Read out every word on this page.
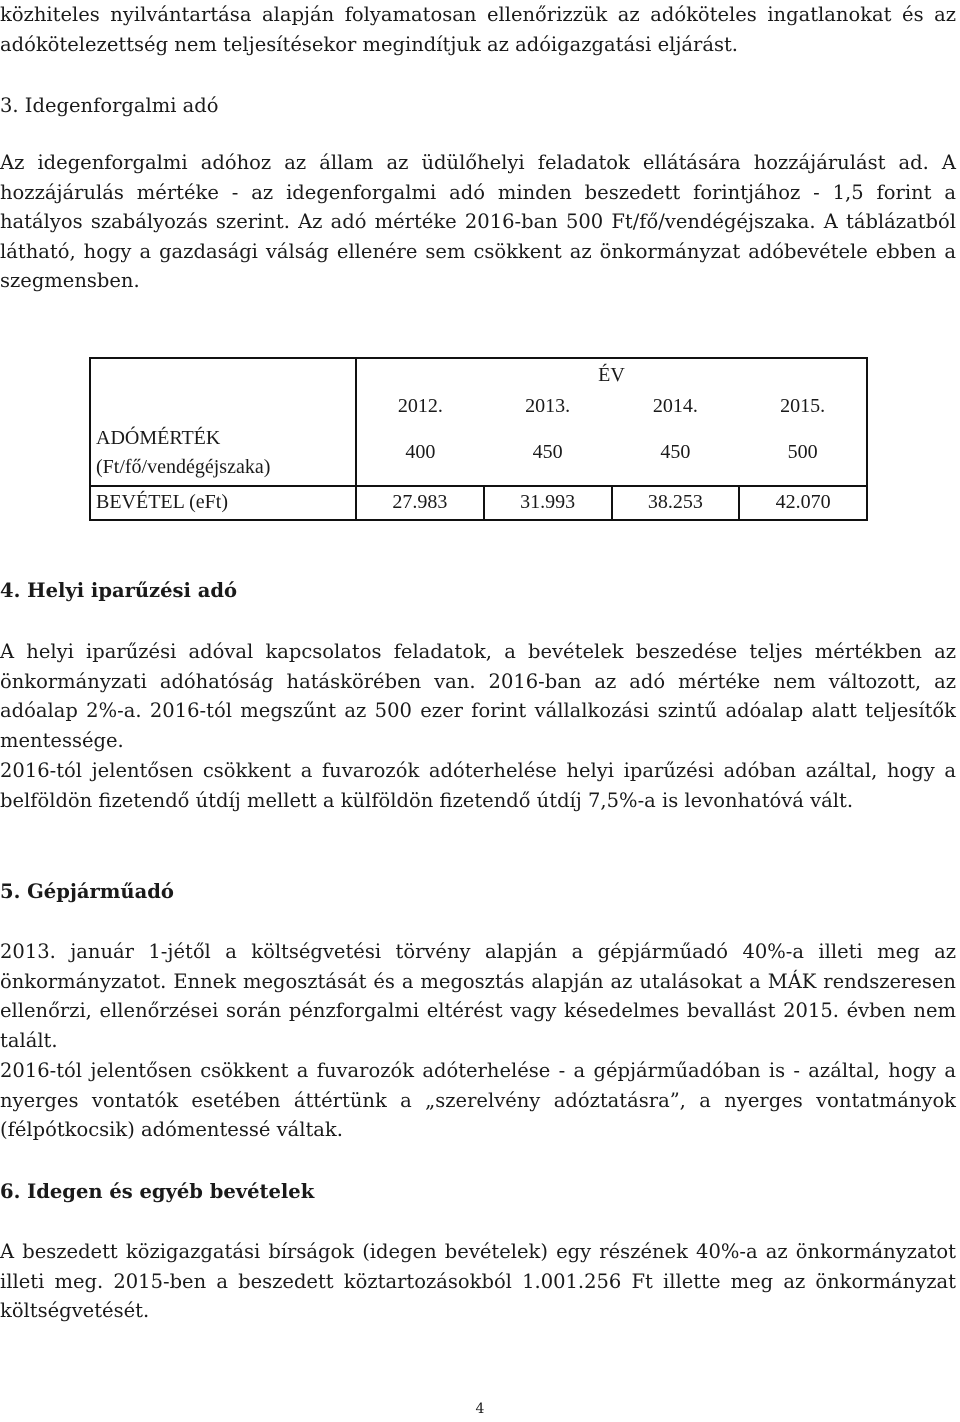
közhiteles nyilvántartása alapján folyamatosan ellenőrizzük az adóköteles ingatlanokat és az adókötelezettség nem teljesítésekor megindítjuk az adóigazgatási eljárást.

3. Idegenforgalmi adó

Az idegenforgalmi adóhoz az állam az üdülőhelyi feladatok ellátására hozzájárulást ad. A hozzájárulás mértéke - az idegenforgalmi adó minden beszedett forintjához - 1,5 forint a hatályos szabályozás szerint. Az adó mértéke 2016-ban 500 Ft/fő/vendégéjszaka. A táblázatból látható, hogy a gazdasági válság ellenére sem csökkent az önkormányzat adóbevétele ebben a szegmensben.

	ÉV			
	2012.	2013.	2014.	2015.
ADÓMÉRTÉK
(Ft/fő/vendégéjszaka)	400	450	450	500
BEVÉTEL (eFt)	27.983	31.993	38.253	42.070

4. Helyi iparűzési adó

A helyi iparűzési adóval kapcsolatos feladatok, a bevételek beszedése teljes mértékben az önkormányzati adóhatóság hatáskörében van. 2016-ban az adó mértéke nem változott, az adóalap 2%-a. 2016-tól megszűnt az 500 ezer forint vállalkozási szintű adóalap alatt teljesítők mentessége.

2016-tól jelentősen csökkent a fuvarozók adóterhelése helyi iparűzési adóban azáltal, hogy a belföldön fizetendő útdíj mellett a külföldön fizetendő útdíj 7,5%-a is levonhatóvá vált.

5. Gépjárműadó

2013. január 1-jétől a költségvetési törvény alapján a gépjárműadó 40%-a illeti meg az önkormányzatot. Ennek megosztását és a megosztás alapján az utalásokat a MÁK rendszeresen ellenőrzi, ellenőrzései során pénzforgalmi eltérést vagy késedelmes bevallást 2015. évben nem talált.

2016-tól jelentősen csökkent a fuvarozók adóterhelése - a gépjárműadóban is - azáltal, hogy a nyerges vontatók esetében áttértünk a „szerelvény adóztatásra”, a nyerges vontatmányok (félpótkocsik) adómentessé váltak.

6. Idegen és egyéb bevételek

A beszedett közigazgatási bírságok (idegen bevételek) egy részének 40%-a az önkormányzatot illeti meg. 2015-ben a beszedett köztartozásokból 1.001.256 Ft illette meg az önkormányzat költségvetését.

4
